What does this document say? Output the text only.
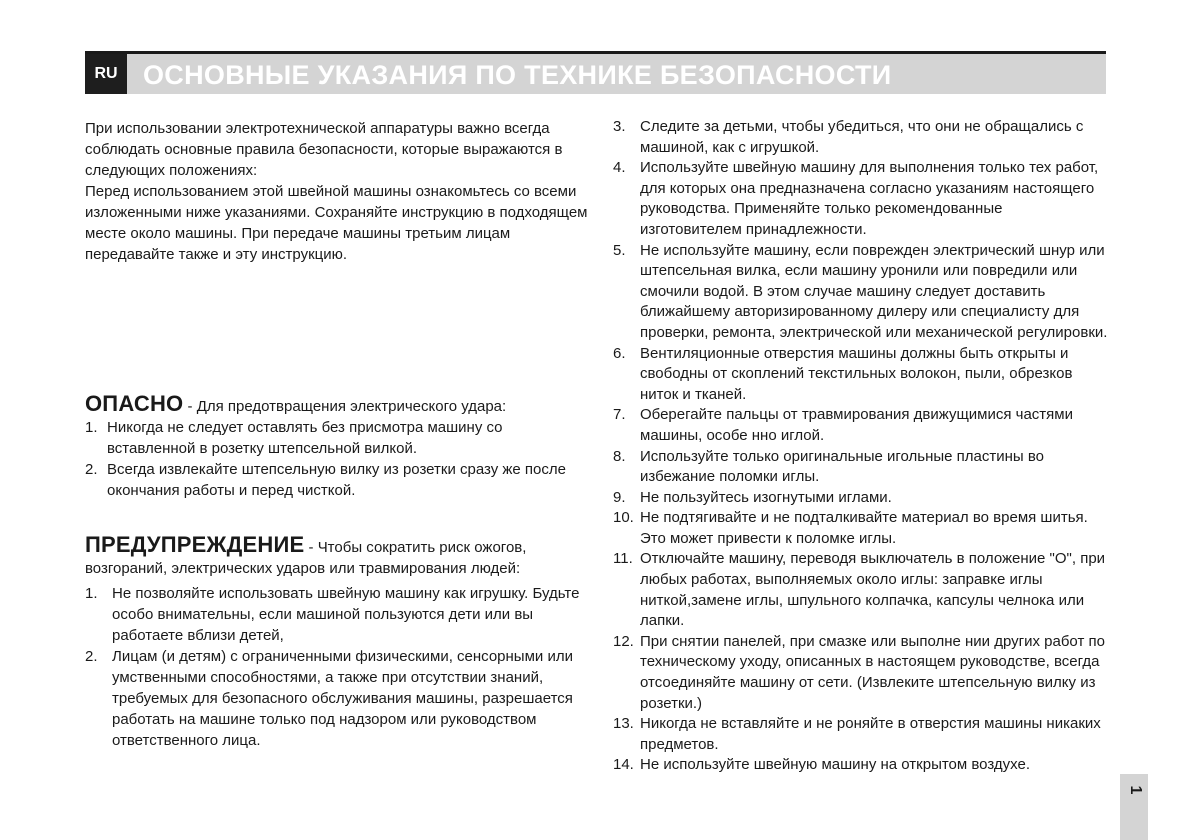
RU ОСНОВНЫЕ УКАЗАНИЯ ПО ТЕХНИКЕ БЕЗОПАСНОСТИ

При использовании электротехнической аппаратуры важно всегда соблюдать основные правила безопасности, которые выражаются в следующих положениях:

Перед использованием этой швейной машины ознакомьтесь со всеми изложенными ниже указаниями. Сохраняйте инструкцию в подходящем месте около машины. При передаче машины третьим лицам передавайте также и эту инструкцию.

ОПАСНО - Для предотвращения электрического удара:

1. Никогда не следует оставлять без присмотра машину со вставленной в розетку штепсельной вилкой.
2. Всегда извлекайте штепсельную вилку из розетки сразу же после окончания работы и перед чисткой.

ПРЕДУПРЕЖДЕНИЕ - Чтобы сократить риск ожогов, возгораний, электрических ударов или травмирования людей:

1. Не позволяйте использовать швейную машину как игрушку. Будьте особо внимательны, если машиной пользуются дети или вы работаете вблизи детей,
2. Лицам (и детям) с ограниченными физическими, сенсорными или умственными способностями, а также при отсутствии знаний, требуемых для безопасного обслуживания машины, разрешается работать на машине только под надзором или руководством ответственного лица.
3. Следите за детьми, чтобы убедиться, что они не обращались с машиной, как с игрушкой.
4. Используйте швейную машину для выполнения только тех работ, для которых она предназначена согласно указаниям настоящего руководства. Применяйте только рекомендованные изготовителем принадлежности.
5. Не используйте машину, если поврежден электрический шнур или штепсельная вилка, если машину уронили или повредили или смочили водой. В этом случае машину следует доставить ближайшему авторизированному дилеру или специалисту для проверки, ремонта, электрической или механической регулировки.
6. Вентиляционные отверстия машины должны быть открыты и свободны от скоплений текстильных волокон, пыли, обрезков ниток и тканей.
7. Оберегайте пальцы от травмирования движущимися частями машины, особе нно иглой.
8. Используйте только оригинальные игольные пластины во избежание поломки иглы.
9. Не пользуйтесь изогнутыми иглами.
10. Не подтягивайте и не подталкивайте материал во время шитья. Это может привести к поломке иглы.
11. Отключайте машину, переводя выключатель в положение "O", при любых работах, выполняемых около иглы: заправке иглы ниткой,замене иглы, шпульного колпачка, капсулы челнока или лапки.
12. При снятии панелей, при смазке или выполне нии других работ по техническому уходу, описанных в настоящем руководстве, всегда отсоединяйте машину от сети. (Извлеките штепсельную вилку из розетки.)
13. Никогда не вставляйте и не роняйте в отверстия машины никаких предметов.
14. Не используйте швейную машину на открытом воздухе.
1
